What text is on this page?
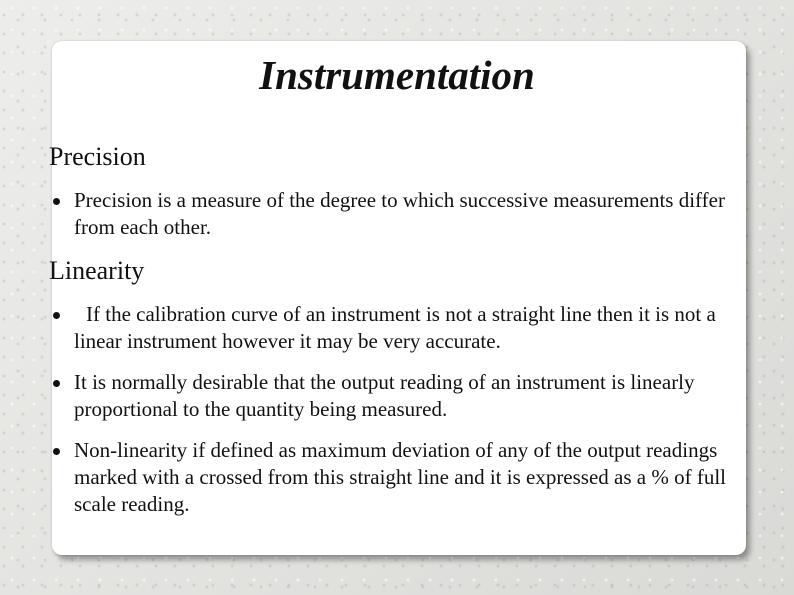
Instrumentation
Precision
Precision is a measure of the degree to which successive measurements differ from each other.
Linearity
If the calibration curve of an instrument is not a straight line then it is not a linear instrument however it may be very accurate.
It is normally desirable that the output reading of an instrument is linearly proportional to the quantity being measured.
Non-linearity if defined as maximum deviation of any of the output readings marked with a crossed from this straight line and it is expressed as a % of full scale reading.
